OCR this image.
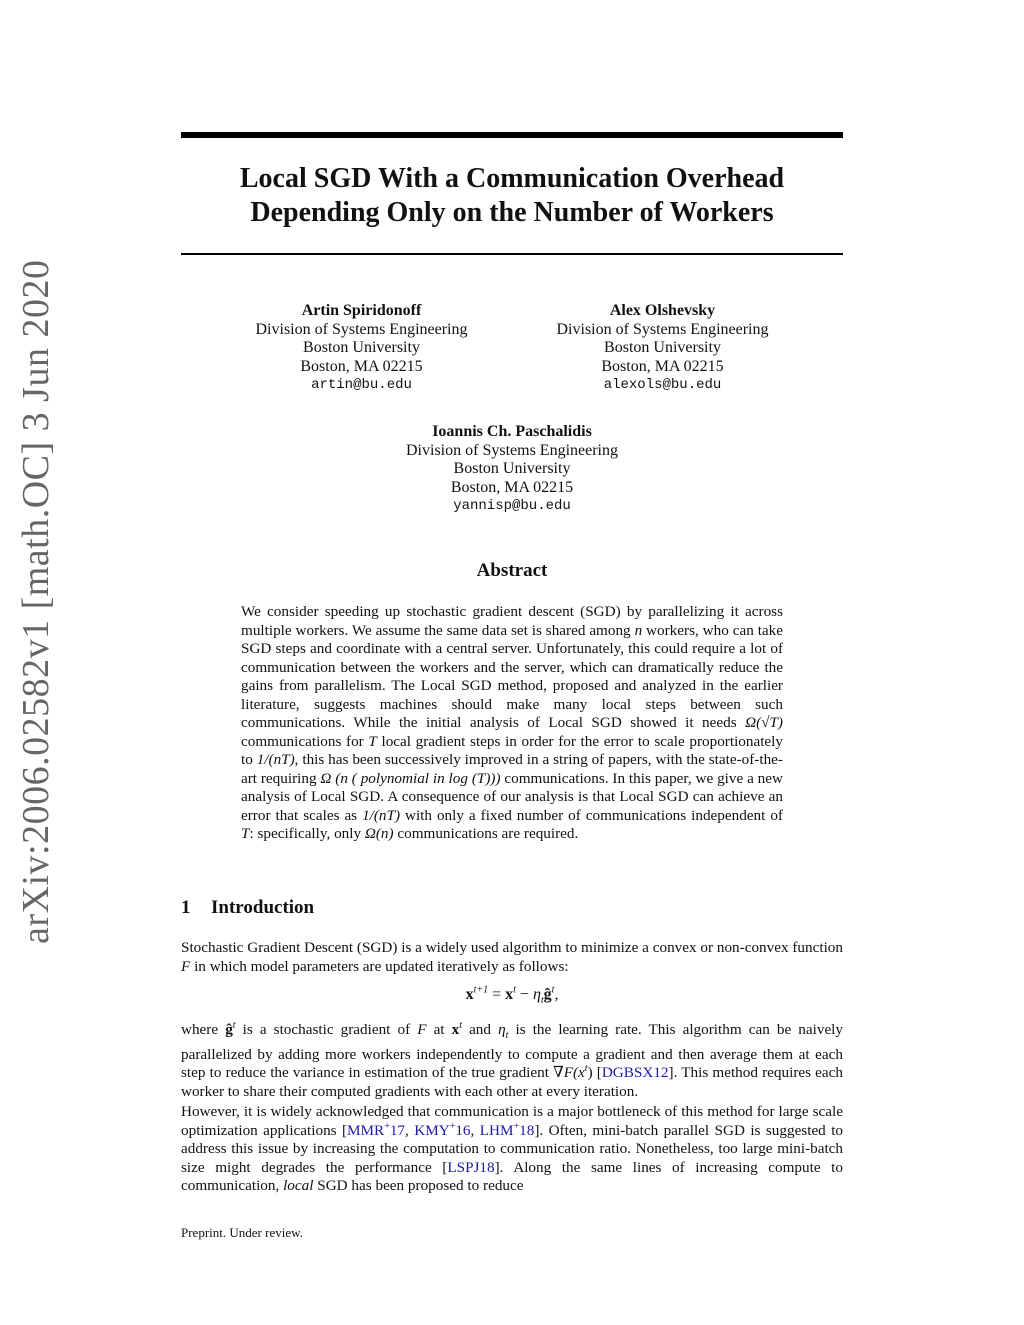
arXiv:2006.02582v1 [math.OC] 3 Jun 2020
Local SGD With a Communication Overhead
Depending Only on the Number of Workers
Artin Spiridonoff
Division of Systems Engineering
Boston University
Boston, MA 02215
artin@bu.edu
Alex Olshevsky
Division of Systems Engineering
Boston University
Boston, MA 02215
alexols@bu.edu
Ioannis Ch. Paschalidis
Division of Systems Engineering
Boston University
Boston, MA 02215
yannisp@bu.edu
Abstract
We consider speeding up stochastic gradient descent (SGD) by parallelizing it across multiple workers. We assume the same data set is shared among n workers, who can take SGD steps and coordinate with a central server. Unfortunately, this could require a lot of communication between the workers and the server, which can dramatically reduce the gains from parallelism. The Local SGD method, proposed and analyzed in the earlier literature, suggests machines should make many local steps between such communications. While the initial analysis of Local SGD showed it needs Ω(√T) communications for T local gradient steps in order for the error to scale proportionately to 1/(nT), this has been successively improved in a string of papers, with the state-of-the-art requiring Ω (n ( polynomial in log (T))) communications. In this paper, we give a new analysis of Local SGD. A consequence of our analysis is that Local SGD can achieve an error that scales as 1/(nT) with only a fixed number of communications independent of T: specifically, only Ω(n) communications are required.
1 Introduction
Stochastic Gradient Descent (SGD) is a widely used algorithm to minimize a convex or non-convex function F in which model parameters are updated iteratively as follows:
$x^{t+1} = x^t$ − $\eta_tĝ^t$,
where $ĝ^t$ is a stochastic gradient of F at $x^t$ and $\eta_t$ is the learning rate. This algorithm can be naively parallelized by adding more workers independently to compute a gradient and then average them at each step to reduce the variance in estimation of the true gradient $\nabla F(x^t)$ [DGBSX12]. This method requires each worker to share their computed gradients with each other at every iteration.
However, it is widely acknowledged that communication is a major bottleneck of this method for large scale optimization applications [MMR+17, KMY+16, LHM+18]. Often, mini-batch parallel SGD is suggested to address this issue by increasing the computation to communication ratio. Nonetheless, too large mini-batch size might degrades the performance [LSPJ18]. Along the same lines of increasing compute to communication, local SGD has been proposed to reduce
Preprint. Under review.
